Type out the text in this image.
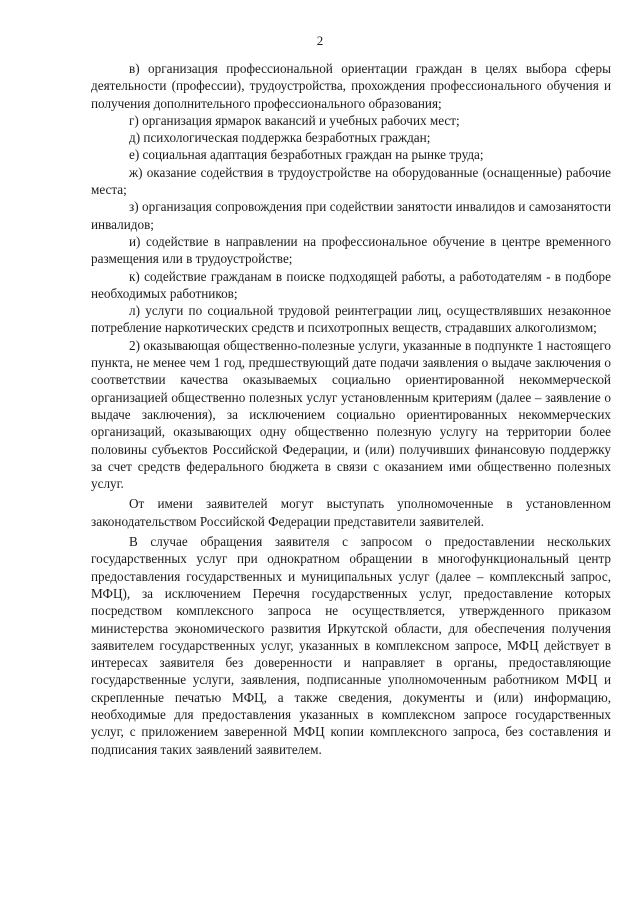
2

в) организация профессиональной ориентации граждан в целях выбора сферы деятельности (профессии), трудоустройства, прохождения профессионального обучения и получения дополнительного профессионального образования;

г) организация ярмарок вакансий и учебных рабочих мест;

д) психологическая поддержка безработных граждан;

е) социальная адаптация безработных граждан на рынке труда;

ж) оказание содействия в трудоустройстве на оборудованные (оснащенные) рабочие места;

з) организация сопровождения при содействии занятости инвалидов и самозанятости инвалидов;

и) содействие в направлении на профессиональное обучение в центре временного размещения или в трудоустройстве;

к) содействие гражданам в поиске подходящей работы, а работодателям - в подборе необходимых работников;

л) услуги по социальной трудовой реинтеграции лиц, осуществлявших незаконное потребление наркотических средств и психотропных веществ, страдавших алкоголизмом;

2) оказывающая общественно-полезные услуги, указанные в подпункте 1 настоящего пункта, не менее чем 1 год, предшествующий дате подачи заявления о выдаче заключения о соответствии качества оказываемых социально ориентированной некоммерческой организацией общественно полезных услуг установленным критериям (далее – заявление о выдаче заключения), за исключением социально ориентированных некоммерческих организаций, оказывающих одну общественно полезную услугу на территории более половины субъектов Российской Федерации, и (или) получивших финансовую поддержку за счет средств федерального бюджета в связи с оказанием ими общественно полезных услуг.

От имени заявителей могут выступать уполномоченные в установленном законодательством Российской Федерации представители заявителей.

В случае обращения заявителя с запросом о предоставлении нескольких государственных услуг при однократном обращении в многофункциональный центр предоставления государственных и муниципальных услуг (далее – комплексный запрос, МФЦ), за исключением Перечня государственных услуг, предоставление которых посредством комплексного запроса не осуществляется, утвержденного приказом министерства экономического развития Иркутской области, для обеспечения получения заявителем государственных услуг, указанных в комплексном запросе, МФЦ действует в интересах заявителя без доверенности и направляет в органы, предоставляющие государственные услуги, заявления, подписанные уполномоченным работником МФЦ и скрепленные печатью МФЦ, а также сведения, документы и (или) информацию, необходимые для предоставления указанных в комплексном запросе государственных услуг, с приложением заверенной МФЦ копии комплексного запроса, без составления и подписания таких заявлений заявителем.
